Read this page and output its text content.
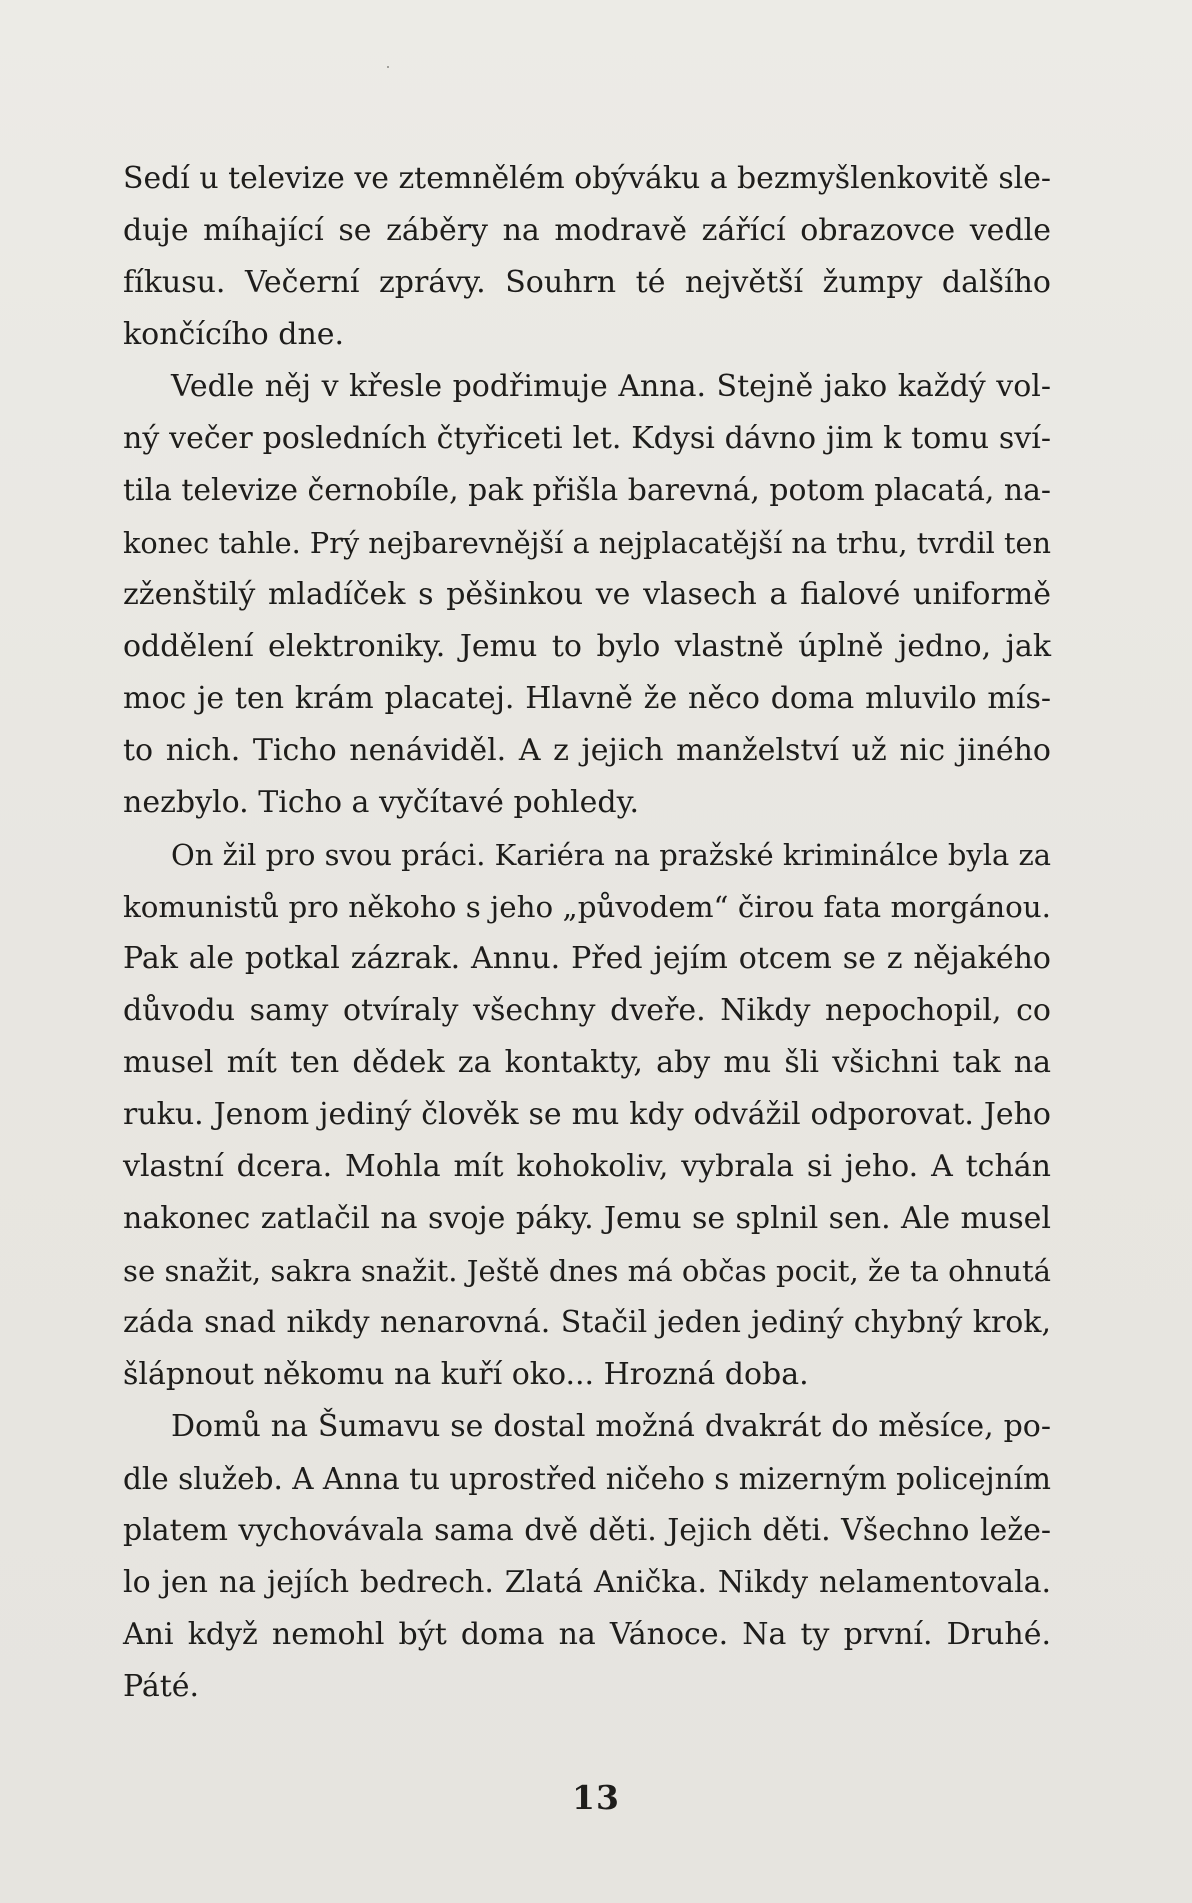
Sedí u televize ve ztemnělém obýváku a bezmyšlenkovitě sle-
duje míhající se záběry na modravě zářící obrazovce vedle
fíkusu. Večerní zprávy. Souhrn té největší žumpy dalšího
končícího dne.
Vedle něj v křesle podřimuje Anna. Stejně jako každý vol-
ný večer posledních čtyřiceti let. Kdysi dávno jim k tomu sví-
tila televize černobíle, pak přišla barevná, potom placatá, na-
konec tahle. Prý nejbarevnější a nejplacatější na trhu, tvrdil ten
zženštilý mladíček s pěšinkou ve vlasech a fialové uniformě
oddělení elektroniky. Jemu to bylo vlastně úplně jedno, jak
moc je ten krám placatej. Hlavně že něco doma mluvilo mís-
to nich. Ticho nenáviděl. A z jejich manželství už nic jiného
nezbylo. Ticho a vyčítavé pohledy.
On žil pro svou práci. Kariéra na pražské kriminálce byla za
komunistů pro někoho s jeho „původem“ čirou fata morgánou.
Pak ale potkal zázrak. Annu. Před jejím otcem se z nějakého
důvodu samy otvíraly všechny dveře. Nikdy nepochopil, co
musel mít ten dědek za kontakty, aby mu šli všichni tak na
ruku. Jenom jediný člověk se mu kdy odvážil odporovat. Jeho
vlastní dcera. Mohla mít kohokoliv, vybrala si jeho. A tchán
nakonec zatlačil na svoje páky. Jemu se splnil sen. Ale musel
se snažit, sakra snažit. Ještě dnes má občas pocit, že ta ohnutá
záda snad nikdy nenarovná. Stačil jeden jediný chybný krok,
šlápnout někomu na kuří oko... Hrozná doba.
Domů na Šumavu se dostal možná dvakrát do měsíce, po-
dle služeb. A Anna tu uprostřed ničeho s mizerným policejním
platem vychovávala sama dvě děti. Jejich děti. Všechno leže-
lo jen na jejích bedrech. Zlatá Anička. Nikdy nelamentovala.
Ani když nemohl být doma na Vánoce. Na ty první. Druhé.
Páté.
13
